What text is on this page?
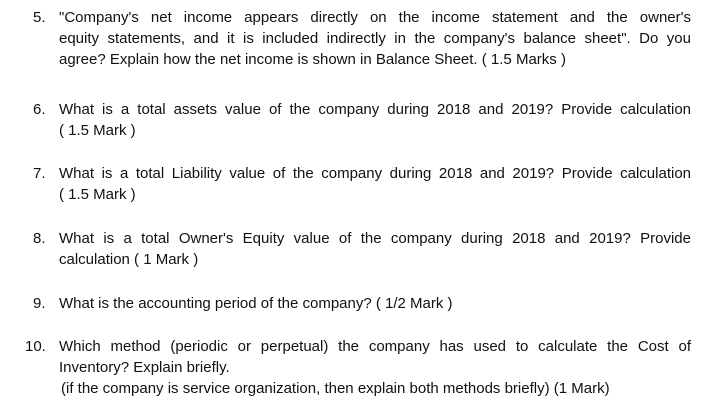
5. "Company's net income appears directly on the income statement and the owner's
equity statements, and it is included indirectly in the company's balance sheet". Do you
agree? Explain how the net income is shown in Balance Sheet. ( 1.5 Marks )
6. What is a total assets value of the company during 2018 and 2019? Provide calculation
( 1.5 Mark )
7. What is a total Liability value of the company during 2018 and 2019? Provide calculation
( 1.5 Mark )
8. What is a total Owner's Equity value of the company during 2018 and 2019? Provide
calculation ( 1 Mark )
9. What is the accounting period of the company? ( 1/2 Mark )
10. Which method (periodic or perpetual) the company has used to calculate the Cost of
Inventory? Explain briefly.
(if the company is service organization, then explain both methods briefly) (1 Mark)
